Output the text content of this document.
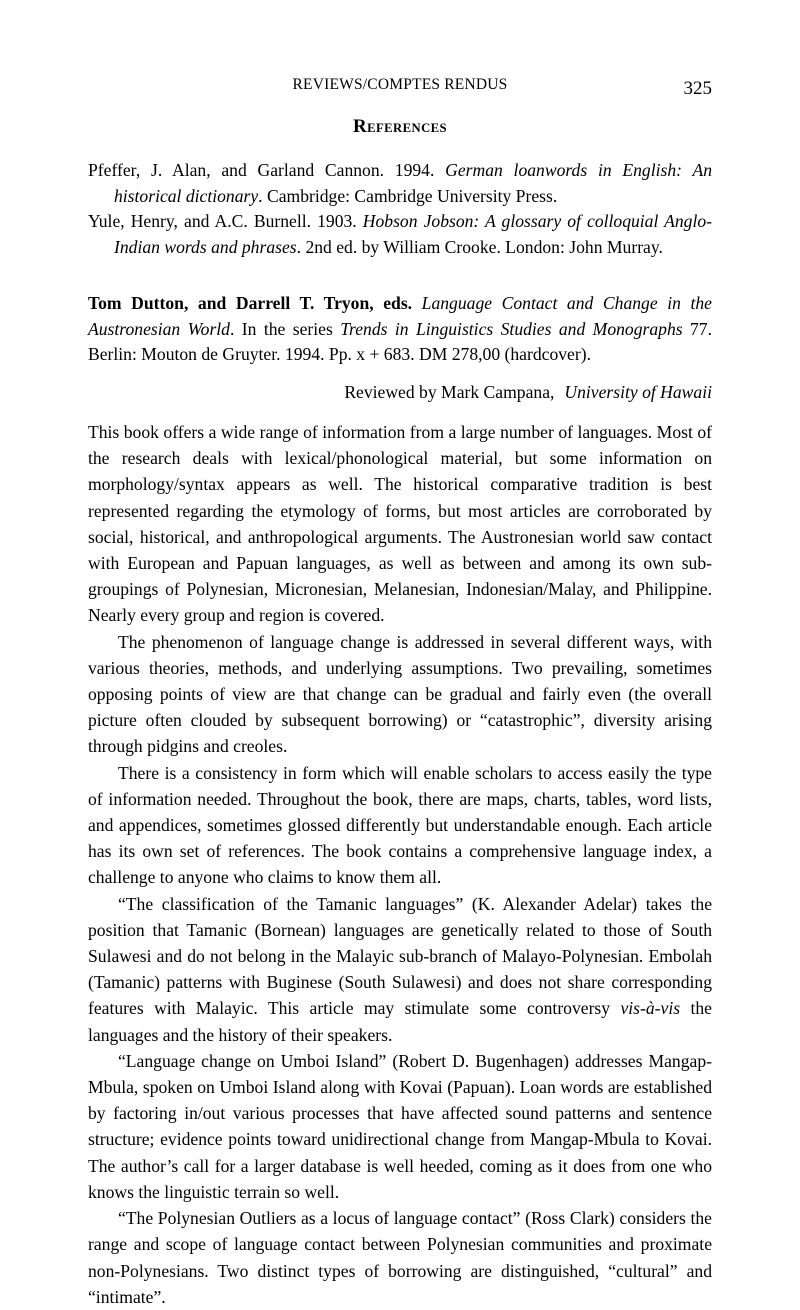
REVIEWS/COMPTES RENDUS	325
REFERENCES

Pfeffer, J. Alan, and Garland Cannon. 1994. German loanwords in English: An historical dictionary. Cambridge: Cambridge University Press.

Yule, Henry, and A.C. Burnell. 1903. Hobson Jobson: A glossary of colloquial Anglo-Indian words and phrases. 2nd ed. by William Crooke. London: John Murray.

Tom Dutton, and Darrell T. Tryon, eds. Language Contact and Change in the Austronesian World. In the series Trends in Linguistics Studies and Monographs 77. Berlin: Mouton de Gruyter. 1994. Pp. x + 683. DM 278,00 (hardcover).
Reviewed by Mark Campana, University of Hawaii

This book offers a wide range of information from a large number of languages. Most of the research deals with lexical/phonological material, but some information on morphology/syntax appears as well. The historical comparative tradition is best represented regarding the etymology of forms, but most articles are corroborated by social, historical, and anthropological arguments. The Austronesian world saw contact with European and Papuan languages, as well as between and among its own sub-groupings of Polynesian, Micronesian, Melanesian, Indonesian/Malay, and Philippine. Nearly every group and region is covered.

The phenomenon of language change is addressed in several different ways, with various theories, methods, and underlying assumptions. Two prevailing, sometimes opposing points of view are that change can be gradual and fairly even (the overall picture often clouded by subsequent borrowing) or “catastrophic”, diversity arising through pidgins and creoles.

There is a consistency in form which will enable scholars to access easily the type of information needed. Throughout the book, there are maps, charts, tables, word lists, and appendices, sometimes glossed differently but understandable enough. Each article has its own set of references. The book contains a comprehensive language index, a challenge to anyone who claims to know them all.

“The classification of the Tamanic languages” (K. Alexander Adelar) takes the position that Tamanic (Bornean) languages are genetically related to those of South Sulawesi and do not belong in the Malayic sub-branch of Malayo-Polynesian. Embolah (Tamanic) patterns with Buginese (South Sulawesi) and does not share corresponding features with Malayic. This article may stimulate some controversy vis-à-vis the languages and the history of their speakers.

“Language change on Umboi Island” (Robert D. Bugenhagen) addresses Mangap-Mbula, spoken on Umboi Island along with Kovai (Papuan). Loan words are established by factoring in/out various processes that have affected sound patterns and sentence structure; evidence points toward unidirectional change from Mangap-Mbula to Kovai. The author’s call for a larger database is well heeded, coming as it does from one who knows the linguistic terrain so well.

“The Polynesian Outliers as a locus of language contact” (Ross Clark) considers the range and scope of language contact between Polynesian communities and proximate non-Polynesians. Two distinct types of borrowing are distinguished, “cultural” and “intimate”.
